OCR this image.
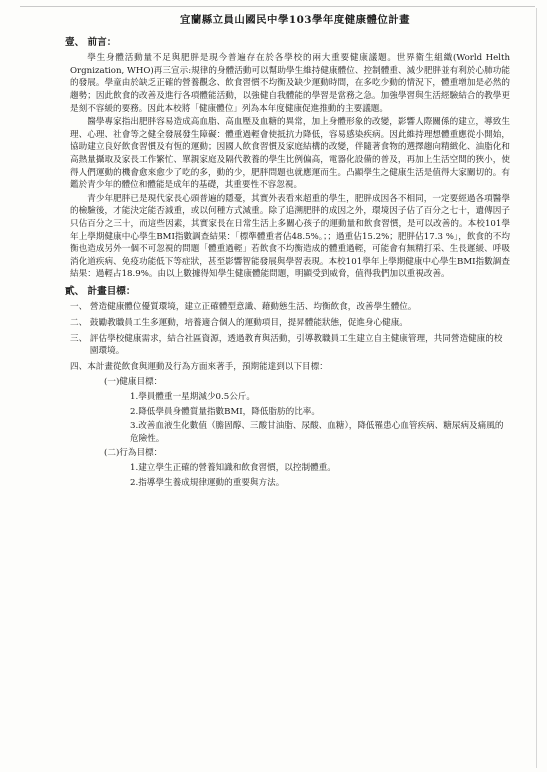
宜蘭縣立員山國民中學103學年度健康體位計畫
壹、 前言：

學生身體活動量不足與肥胖是現今普遍存在於各學校的兩大重要健康議題。世界衛生組織(World Helth Orgnization, WHO)再三宣示:規律的身體活動可以幫助學生維持健康體位、控制體重、減少肥胖並有利於心肺功能的發展。學童由於缺乏正確的營養觀念、飲食習慣不均衡及缺少運動時間，在多吃少動的情況下，體重增加是必然的趨勢；因此飲食的改善及進行各項體能活動，以強健自我體能的學習是當務之急。加強學習與生活經驗結合的教學更是刻不容緩的要務。因此本校將「健康體位」列為本年度健康促進推動的主要議題。

醫學專家指出肥胖容易造成高血脂、高血壓及血糖的異常，加上身體形象的改變，影響人際關係的建立，導致生理、心理、社會等之健全發展發生障礙：體重過輕會使抵抗力降低，容易感染疾病。因此維持理想體重應從小開始，協助建立良好飲食習慣及有恆的運動；因國人飲食習慣及家庭結構的改變，伴隨著食物的選擇趨向精緻化、油脂化和高熱量攝取及家長工作繁忙、單親家庭及隔代教養的學生比例偏高，電器化設備的普及，再加上生活空間的狹小，使得人們運動的機會愈來愈少了吃的多，動的少，肥胖問題也就應運而生。凸顯學生之健康生活是值得大家關切的。有鑑於青少年的體位和體能是成年的基礎，其重要性不容忽視。

青少年肥胖已是現代家長心頭普遍的隱憂，其實外表看來超重的學生，肥胖成因各不相同，一定要經過各項醫學的檢驗後，才能決定能否減重，或以何種方式減重。除了追溯肥胖的成因之外，環境因子佔了百分之七十，遺傳因子只佔百分之三十，而這些因素，其實家長在日常生活上多關心孩子的運動量和飲食習慣，是可以改善的。本校101學年上學期健康中心學生BMI指數調查結果：「標準體重者佔48.5%。；；過重佔15.2%；肥胖佔17.3 %」，飲食的不均衡也造成另外一個不可忽視的問題「體重過輕」若飲食不均衡造成的體重過輕，可能會有無精打采、生長遲緩、呼吸消化道疾病、免疫功能低下等症狀，甚至影響智能發展與學習表現。本校101學年上學期健康中心學生BMI指數調查結果：過輕占18.9%。由以上數據得知學生健康體能問題，明顯受到威脅，值得我們加以重視改善。

貳、 計畫目標：
一、 營造健康體位優質環境，建立正確體型意識、藉動態生活、均衡飲食，改善學生體位。
二、 鼓勵教職員工生多運動，培養適合個人的運動項目，提昇體能狀態，促進身心健康。
三、 評估學校健康需求，結合社區資源，透過教育與活動，引導教職員工生建立自主健康管理，共同營造健康的校園環境。
四、 本計畫從飲食與運動及行為方面來著手，預期能達到以下目標：
(一)健康目標：
1.學員體重一星期減少0.5公斤。
2.降低學員身體質量指數BMI，降低脂肪的比率。
3.改善血液生化數值（膽固醇、三酸甘油脂、尿酸、血糖），降低罹患心血管疾病、糖尿病及痛風的危險性。
(二)行為目標：
1.建立學生正確的營養知識和飲食習慣，以控制體重。
2.指導學生養成規律運動的重要與方法。
